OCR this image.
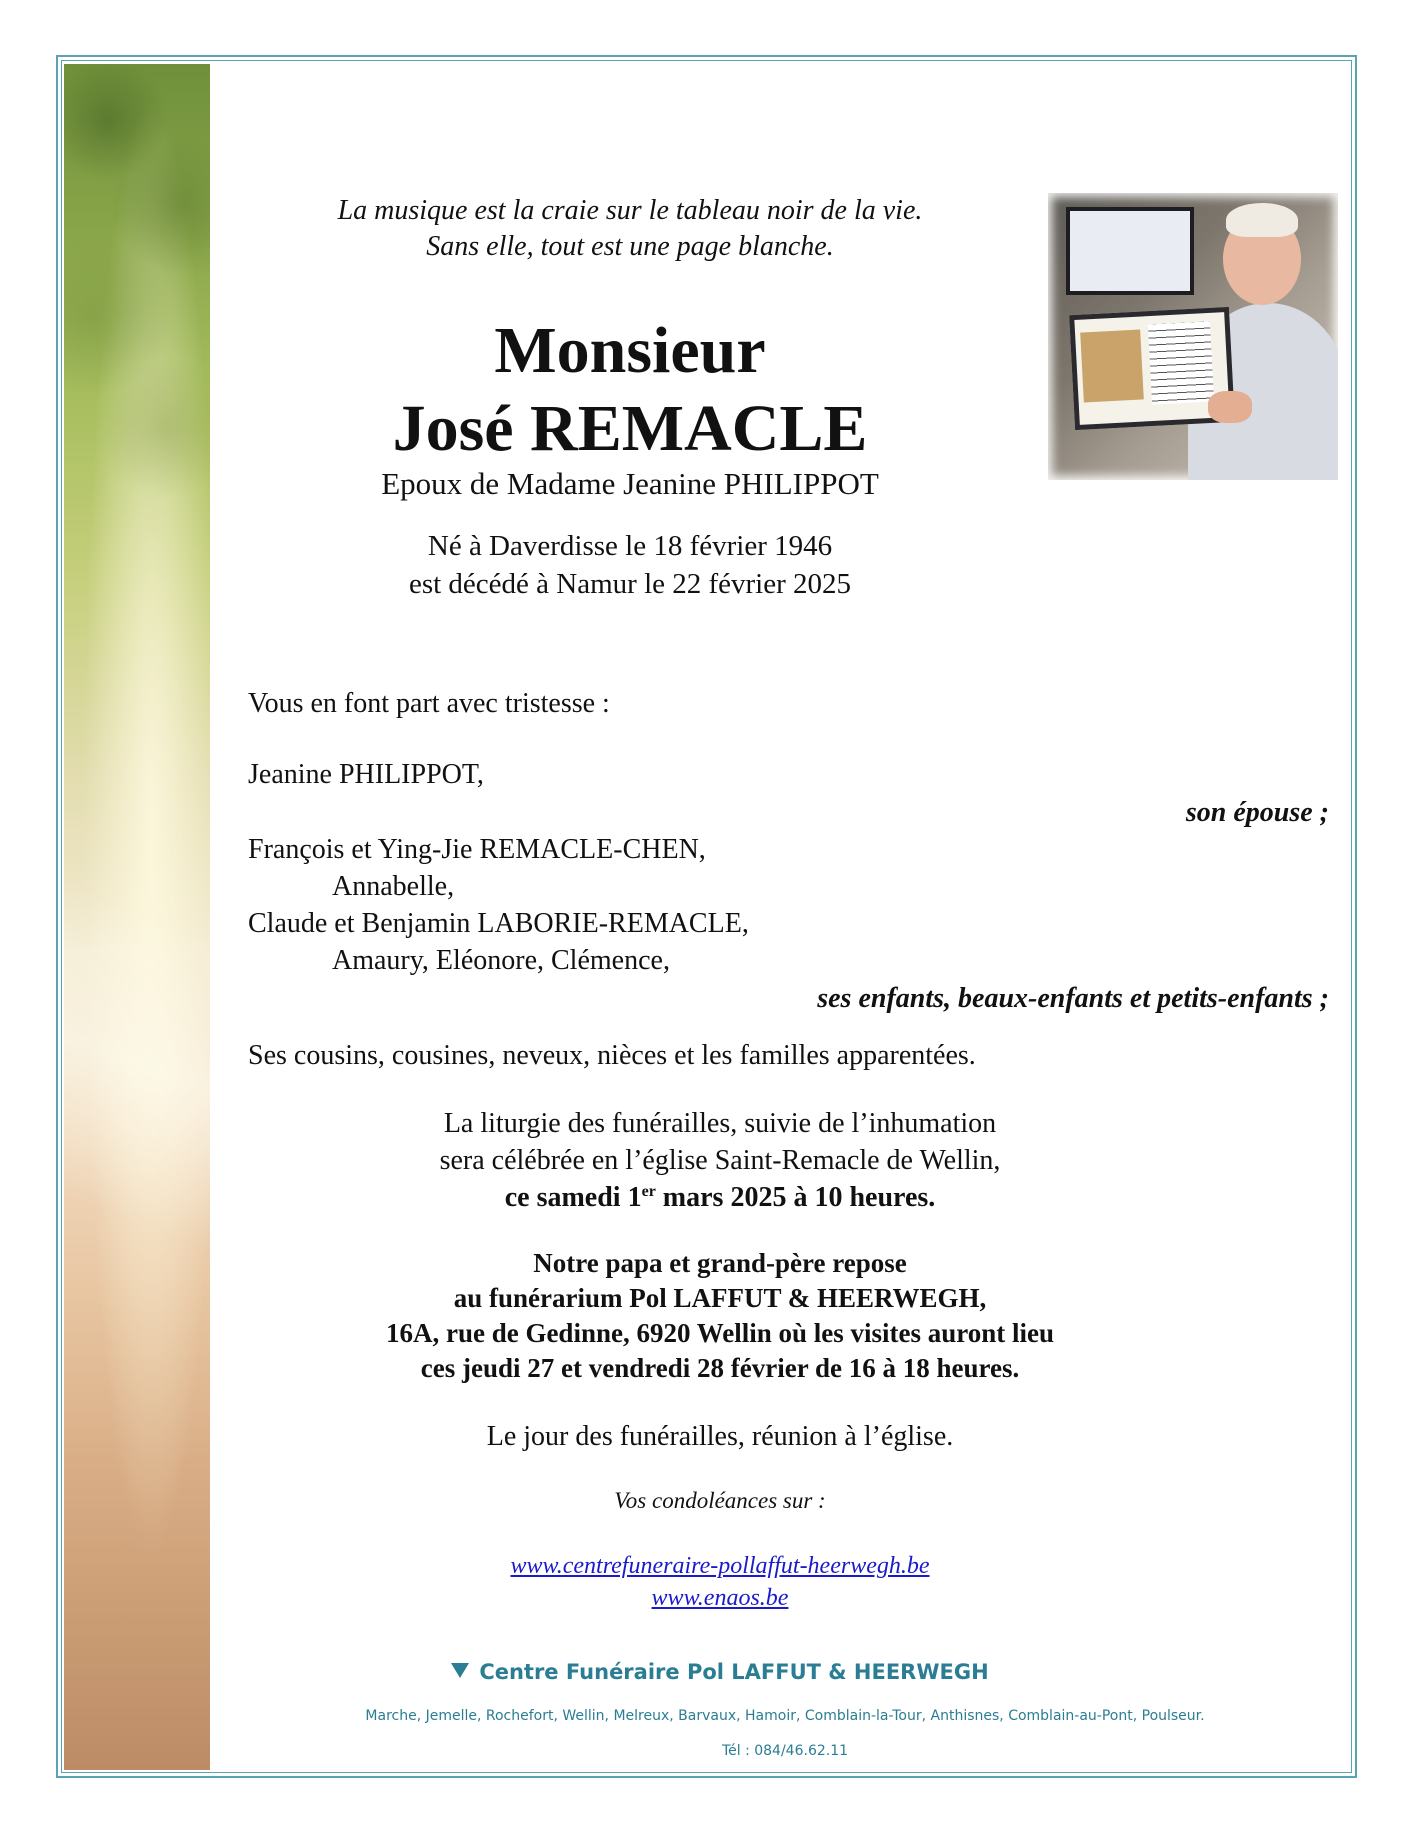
La musique est la craie sur le tableau noir de la vie.
Sans elle, tout est une page blanche.
Monsieur
José REMACLE
Epoux de Madame Jeanine PHILIPPOT
Né à Daverdisse le 18 février 1946
est décédé à Namur le 22 février 2025
Vous en font part avec tristesse :
Jeanine PHILIPPOT,
son épouse ;
François et Ying-Jie REMACLE-CHEN,
Annabelle,
Claude et Benjamin LABORIE-REMACLE,
Amaury, Eléonore, Clémence,
ses enfants, beaux-enfants et petits-enfants ;
Ses cousins, cousines, neveux, nièces et les familles apparentées.
La liturgie des funérailles, suivie de l’inhumation
sera célébrée en l’église Saint-Remacle de Wellin,
ce samedi 1er mars 2025 à 10 heures.
Notre papa et grand-père repose
au funérarium Pol LAFFUT & HEERWEGH,
16A, rue de Gedinne, 6920 Wellin où les visites auront lieu
ces jeudi 27 et vendredi 28 février de 16 à 18 heures.
Le jour des funérailles, réunion à l’église.
Vos condoléances sur :
www.centrefuneraire-pollaffut-heerwegh.be
www.enaos.be
Centre Funéraire Pol LAFFUT & HEERWEGH
Marche, Jemelle, Rochefort, Wellin, Melreux, Barvaux, Hamoir, Comblain-la-Tour, Anthisnes, Comblain-au-Pont, Poulseur.
Tél : 084/46.62.11
